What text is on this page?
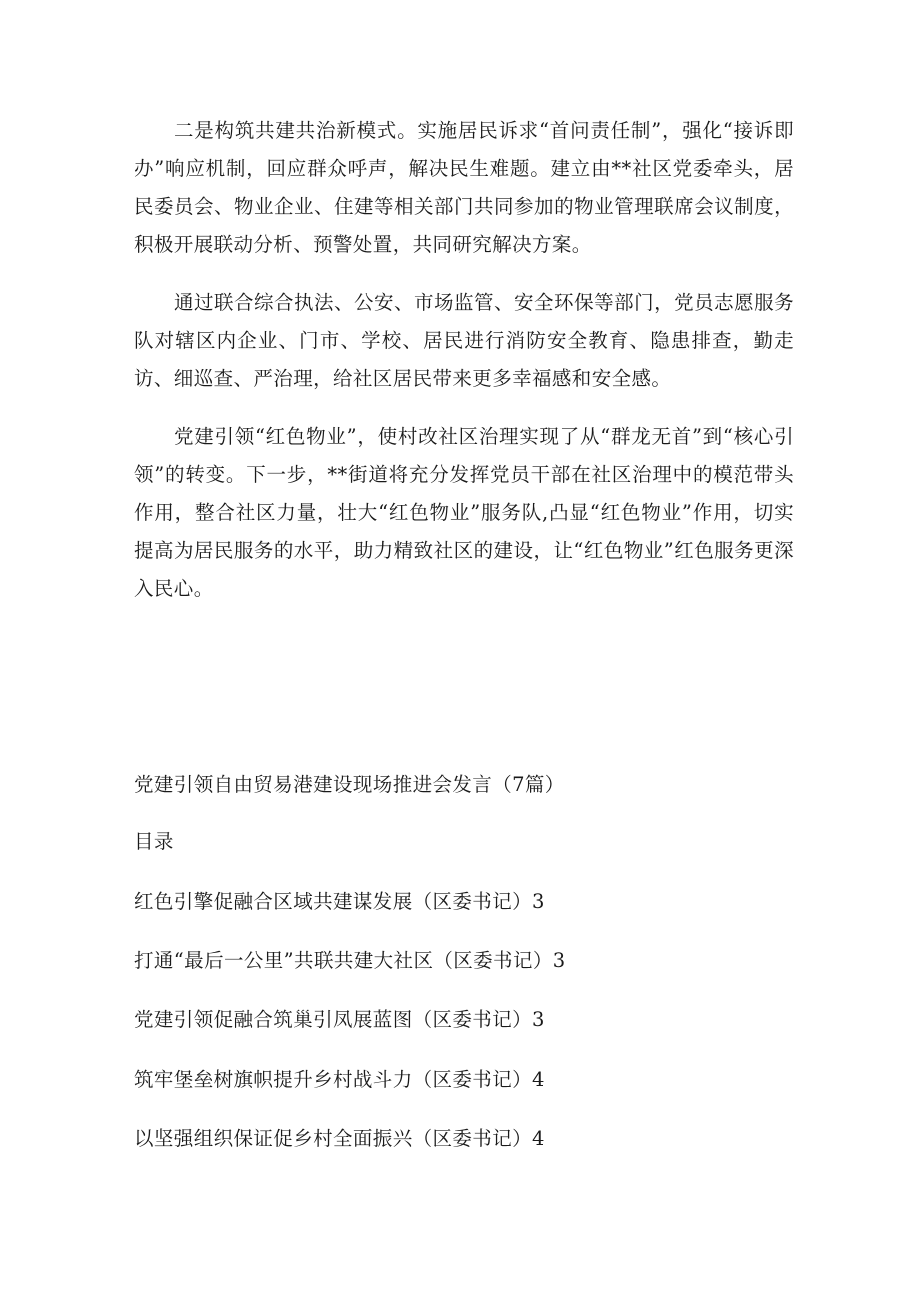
二是构筑共建共治新模式。实施居民诉求“首问责任制”，强化“接诉即办”响应机制，回应群众呼声，解决民生难题。建立由**社区党委牵头，居民委员会、物业企业、住建等相关部门共同参加的物业管理联席会议制度，积极开展联动分析、预警处置，共同研究解决方案。

通过联合综合执法、公安、市场监管、安全环保等部门，党员志愿服务队对辖区内企业、门市、学校、居民进行消防安全教育、隐患排查，勤走访、细巡查、严治理，给社区居民带来更多幸福感和安全感。

党建引领“红色物业”，使村改社区治理实现了从“群龙无首”到“核心引领”的转变。下一步，**街道将充分发挥党员干部在社区治理中的模范带头作用，整合社区力量，壮大“红色物业”服务队,凸显“红色物业”作用，切实提高为居民服务的水平，助力精致社区的建设，让“红色物业”红色服务更深入民心。

党建引领自由贸易港建设现场推进会发言（7篇）
目录
红色引擎促融合区域共建谋发展（区委书记）3
打通“最后一公里”共联共建大社区（区委书记）3
党建引领促融合筑巢引凤展蓝图（区委书记）3
筑牢堡垒树旗帜提升乡村战斗力（区委书记）4
以坚强组织保证促乡村全面振兴（区委书记）4
